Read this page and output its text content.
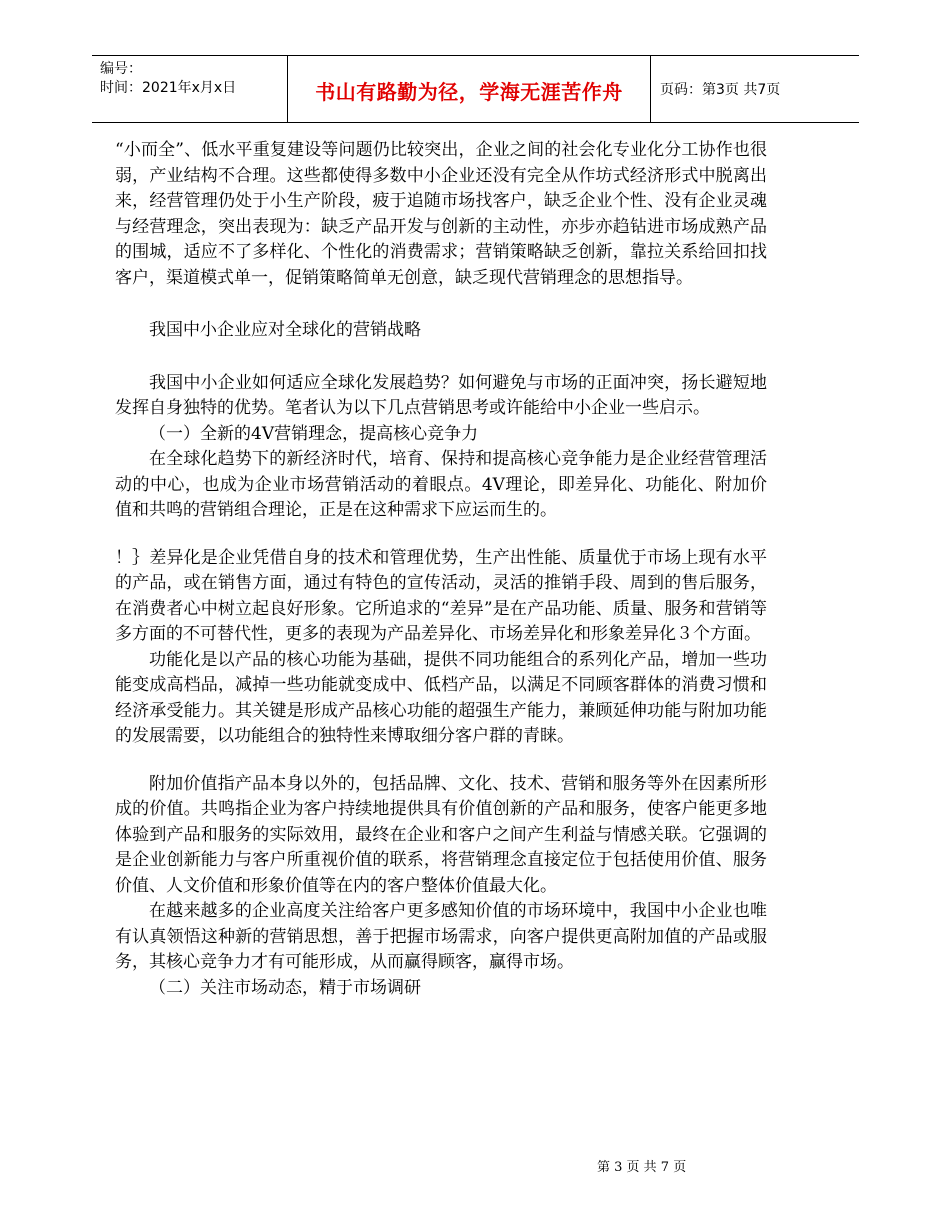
编号：
时间：2021年x月x日	书山有路勤为径，学海无涯苦作舟	页码：第3页 共7页

“小而全”、低水平重复建设等问题仍比较突出，企业之间的社会化专业化分工协作也很弱，产业结构不合理。这些都使得多数中小企业还没有完全从作坊式经济形式中脱离出来，经营管理仍处于小生产阶段，疲于追随市场找客户，缺乏企业个性、没有企业灵魂与经营理念，突出表现为：缺乏产品开发与创新的主动性，亦步亦趋钻进市场成熟产品的围城，适应不了多样化、个性化的消费需求；营销策略缺乏创新，靠拉关系给回扣找客户，渠道模式单一，促销策略简单无创意，缺乏现代营销理念的思想指导。

我国中小企业应对全球化的营销战略

我国中小企业如何适应全球化发展趋势？如何避免与市场的正面冲突，扬长避短地发挥自身独特的优势。笔者认为以下几点营销思考或许能给中小企业一些启示。

（一）全新的4V营销理念，提高核心竞争力

在全球化趋势下的新经济时代，培育、保持和提高核心竞争能力是企业经营管理活动的中心，也成为企业市场营销活动的着眼点。4V理论，即差异化、功能化、附加价值和共鸣的营销组合理论，正是在这种需求下应运而生的。

！｝差异化是企业凭借自身的技术和管理优势，生产出性能、质量优于市场上现有水平的产品，或在销售方面，通过有特色的宣传活动，灵活的推销手段、周到的售后服务，在消费者心中树立起良好形象。它所追求的“差异”是在产品功能、质量、服务和营销等多方面的不可替代性，更多的表现为产品差异化、市场差异化和形象差异化３个方面。

功能化是以产品的核心功能为基础，提供不同功能组合的系列化产品，增加一些功能变成高档品，减掉一些功能就变成中、低档产品，以满足不同顾客群体的消费习惯和经济承受能力。其关键是形成产品核心功能的超强生产能力，兼顾延伸功能与附加功能的发展需要，以功能组合的独特性来博取细分客户群的青睐。

附加价值指产品本身以外的，包括品牌、文化、技术、营销和服务等外在因素所形成的价值。共鸣指企业为客户持续地提供具有价值创新的产品和服务，使客户能更多地体验到产品和服务的实际效用，最终在企业和客户之间产生利益与情感关联。它强调的是企业创新能力与客户所重视价值的联系，将营销理念直接定位于包括使用价值、服务价值、人文价值和形象价值等在内的客户整体价值最大化。

在越来越多的企业高度关注给客户更多感知价值的市场环境中，我国中小企业也唯有认真领悟这种新的营销思想，善于把握市场需求，向客户提供更高附加值的产品或服务，其核心竞争力才有可能形成，从而赢得顾客，赢得市场。

（二）关注市场动态，精于市场调研

第 3 页 共 7 页
